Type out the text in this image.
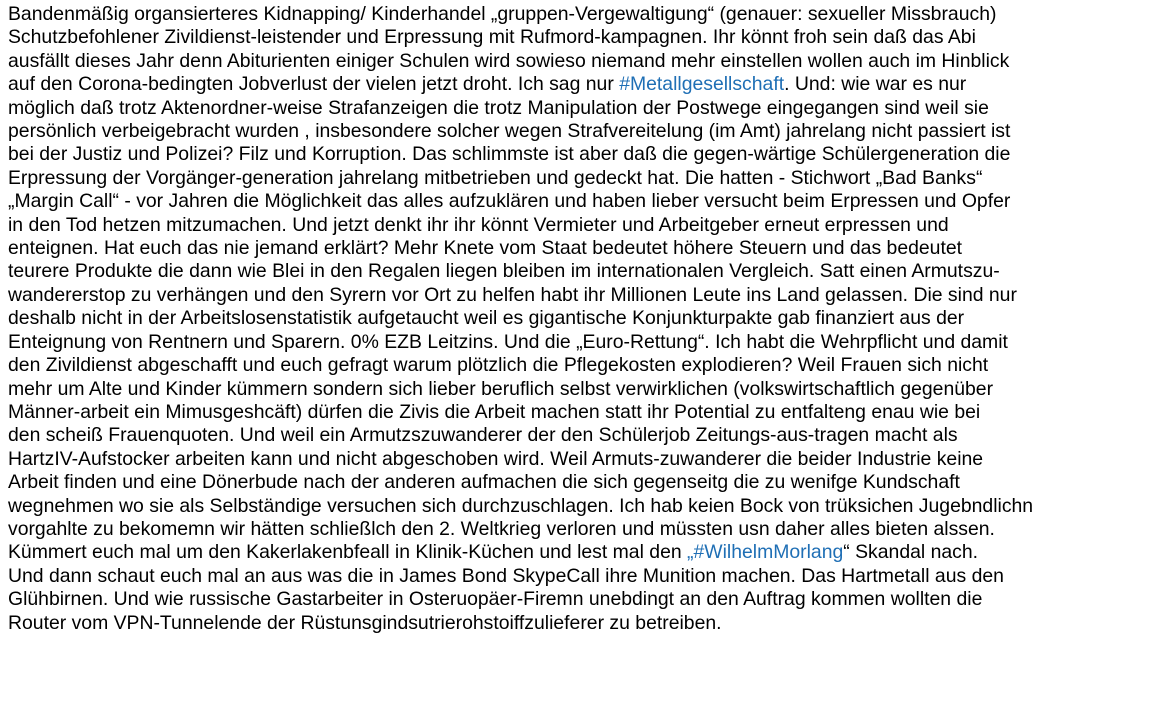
Bandenmäßig organsierteres Kidnapping/ Kinderhandel „gruppen-Vergewaltigung“ (genauer: sexueller Missbrauch)
Schutzbefohlener Zivildienst-leistender und Erpressung mit Rufmord-kampagnen. Ihr könnt froh sein daß das Abi
ausfällt dieses Jahr denn Abiturienten einiger Schulen wird sowieso niemand mehr einstellen wollen auch im Hinblick
auf den Corona-bedingten Jobverlust der vielen jetzt droht. Ich sag nur #Metallgesellschaft. Und: wie war es nur
möglich daß trotz Aktenordner-weise Strafanzeigen die trotz Manipulation der Postwege eingegangen sind weil sie
persönlich verbeigebracht wurden , insbesondere solcher wegen Strafvereitelung (im Amt) jahrelang nicht passiert ist
bei der Justiz und Polizei? Filz und Korruption. Das schlimmste ist aber daß die gegen-wärtige Schülergeneration die
Erpressung der Vorgänger-generation jahrelang mitbetrieben und gedeckt hat. Die hatten - Stichwort „Bad Banks“
„Margin Call“ - vor Jahren die Möglichkeit das alles aufzuklären und haben lieber versucht beim Erpressen und Opfer
in den Tod hetzen mitzumachen. Und jetzt denkt ihr ihr könnt Vermieter und Arbeitgeber erneut erpressen und
enteignen. Hat euch das nie jemand erklärt? Mehr Knete vom Staat bedeutet höhere Steuern und das bedeutet
teurere Produkte die dann wie Blei in den Regalen liegen bleiben im internationalen Vergleich. Satt einen Armutszu-
wandererstop zu verhängen und den Syrern vor Ort zu helfen habt ihr Millionen Leute ins Land gelassen. Die sind nur
deshalb nicht in der Arbeitslosenstatistik aufgetaucht weil es gigantische Konjunkturpakte gab finanziert aus der
Enteignung von Rentnern und Sparern. 0% EZB Leitzins. Und die „Euro-Rettung“. Ich habt die Wehrpflicht und damit
den Zivildienst abgeschafft und euch gefragt warum plötzlich die Pflegekosten explodieren? Weil Frauen sich nicht
mehr um Alte und Kinder kümmern sondern sich lieber beruflich selbst verwirklichen (volkswirtschaftlich gegenüber
Männer-arbeit ein Mimusgeshcäft) dürfen die Zivis die Arbeit machen statt ihr Potential zu entfalteng enau wie bei
den scheiß Frauenquoten. Und weil ein Armutzszuwanderer der den Schülerjob Zeitungs-aus-tragen macht als
HartzIV-Aufstocker arbeiten kann und nicht abgeschoben wird. Weil Armuts-zuwanderer die beider Industrie keine
Arbeit finden und eine Dönerbude nach der anderen aufmachen die sich gegenseitg die zu wenifge Kundschaft
wegnehmen wo sie als Selbständige versuchen sich durchzuschlagen. Ich hab keien Bock von trüksichen Jugebndlichn
vorgahlte zu bekomemn wir hätten schließlch den 2. Weltkrieg verloren und müssten usn daher alles bieten alssen.
Kümmert euch mal um den Kakerlakenbfeall in Klinik-Küchen und lest mal den „#WilhelmMorlang“ Skandal nach.
Und dann schaut euch mal an aus was die in James Bond SkypeCall ihre Munition machen. Das Hartmetall aus den
Glühbirnen. Und wie russische Gastarbeiter in Osteruopäer-Firemn unebdingt an den Auftrag kommen wollten die
Router vom VPN-Tunnelende der Rüstunsgindsutrierohstoiffzulieferer zu betreiben.
